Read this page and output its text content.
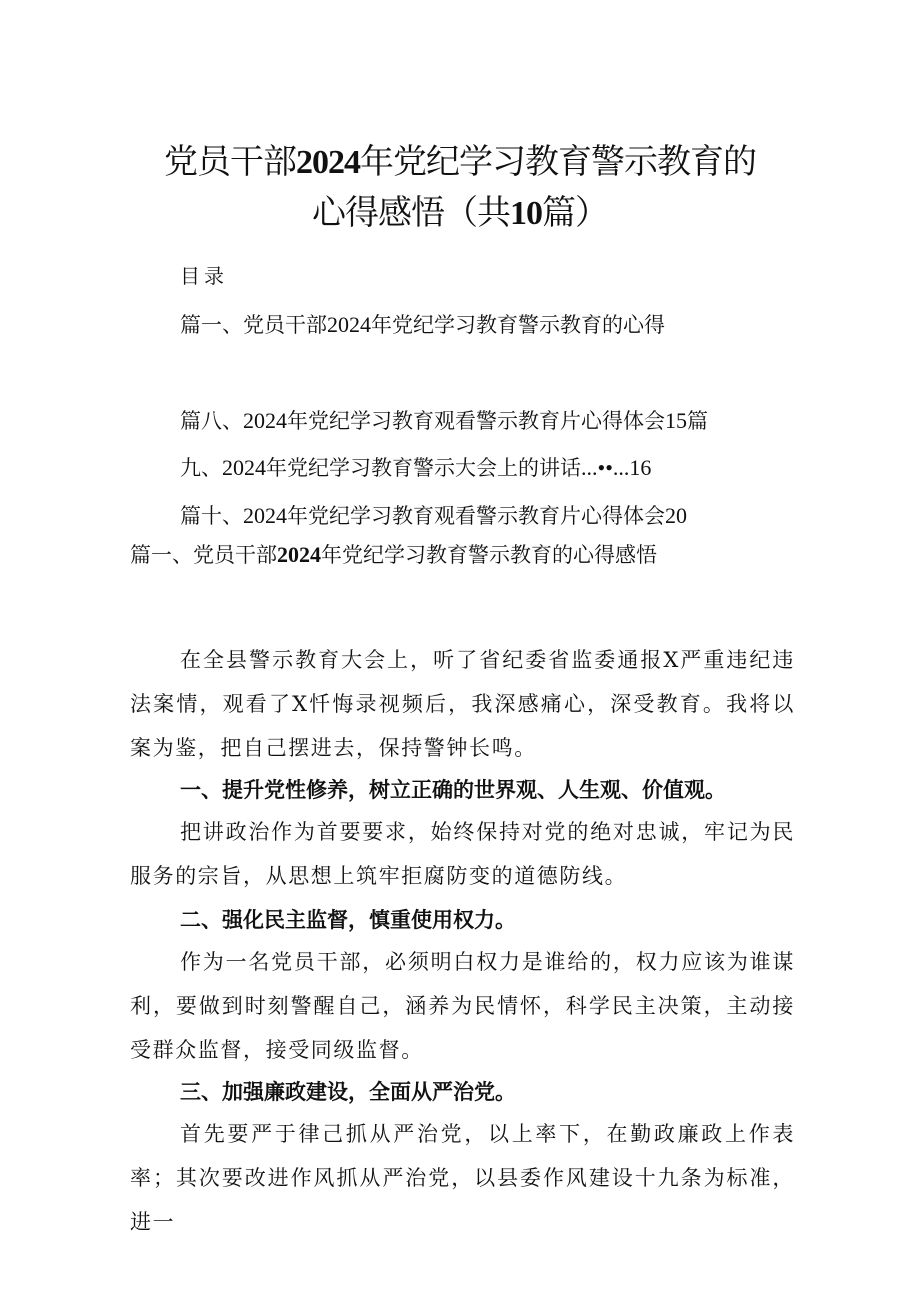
党员干部2024年党纪学习教育警示教育的
心得感悟（共10篇）
目录
篇一、党员干部2024年党纪学习教育警示教育的心得
篇八、2024年党纪学习教育观看警示教育片心得体会15篇
九、2024年党纪学习教育警示大会上的讲话...••...16
篇十、2024年党纪学习教育观看警示教育片心得体会20
篇一、党员干部2024年党纪学习教育警示教育的心得感悟

在全县警示教育大会上，听了省纪委省监委通报X严重违纪违法案情，观看了X忏悔录视频后，我深感痛心，深受教育。我将以案为鉴，把自己摆进去，保持警钟长鸣。

一、提升党性修养，树立正确的世界观、人生观、价值观。

把讲政治作为首要要求，始终保持对党的绝对忠诚，牢记为民服务的宗旨，从思想上筑牢拒腐防变的道德防线。

二、强化民主监督，慎重使用权力。

作为一名党员干部，必须明白权力是谁给的，权力应该为谁谋利，要做到时刻警醒自己，涵养为民情怀，科学民主决策，主动接受群众监督，接受同级监督。

三、加强廉政建设，全面从严治党。

首先要严于律己抓从严治党，以上率下，在勤政廉政上作表率；其次要改进作风抓从严治党，以县委作风建设十九条为标准，进一
